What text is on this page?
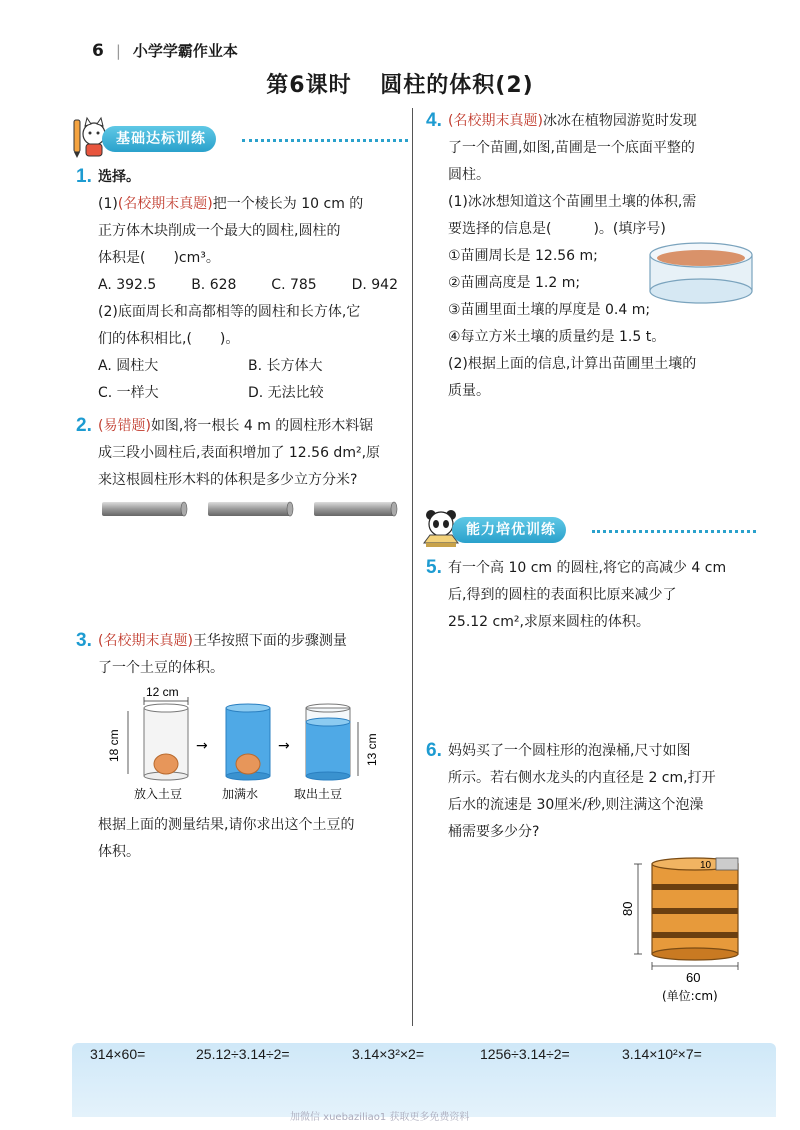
6 | 小学学霸作业本
第6课时 圆柱的体积(2)
基础达标训练
1. 选择。
(1)(名校期末真题)把一个棱长为 10 cm 的
正方体木块削成一个最大的圆柱,圆柱的
体积是(　　)cm³。
A. 392.5 B. 628 C. 785 D. 942
(2)底面周长和高都相等的圆柱和长方体,它
们的体积相比,(　　)。
A. 圆柱大	B. 长方体大
C. 一样大	D. 无法比较
2. (易错题)如图,将一根长 4 m 的圆柱形木料锯
成三段小圆柱后,表面积增加了 12.56 dm²,原
来这根圆柱形木料的体积是多少立方分米?
3. (名校期末真题)王华按照下面的步骤测量
了一个土豆的体积。
12 cm
18 cm	→	→	13 cm
放入土豆	加满水	取出土豆
根据上面的测量结果,请你求出这个土豆的
体积。
4. (名校期末真题)冰冰在植物园游览时发现
了一个苗圃,如图,苗圃是一个底面平整的
圆柱。
(1)冰冰想知道这个苗圃里土壤的体积,需
要选择的信息是(　　　)。(填序号)
①苗圃周长是 12.56 m;
②苗圃高度是 1.2 m;
③苗圃里面土壤的厚度是 0.4 m;
④每立方米土壤的质量约是 1.5 t。
(2)根据上面的信息,计算出苗圃里土壤的
质量。
能力培优训练
5. 有一个高 10 cm 的圆柱,将它的高减少 4 cm
后,得到的圆柱的表面积比原来减少了
25.12 cm²,求原来圆柱的体积。
6. 妈妈买了一个圆柱形的泡澡桶,尺寸如图
所示。若右侧水龙头的内直径是 2 cm,打开
后水的流速是 30厘米/秒,则注满这个泡澡
桶需要多少分?
80
10
60
(单位:cm)
314×60=	25.12÷3.14÷2=	3.14×3²×2=	1256÷3.14÷2=	3.14×10²×7=
加微信 xuebaziliao1 获取更多免费资料
